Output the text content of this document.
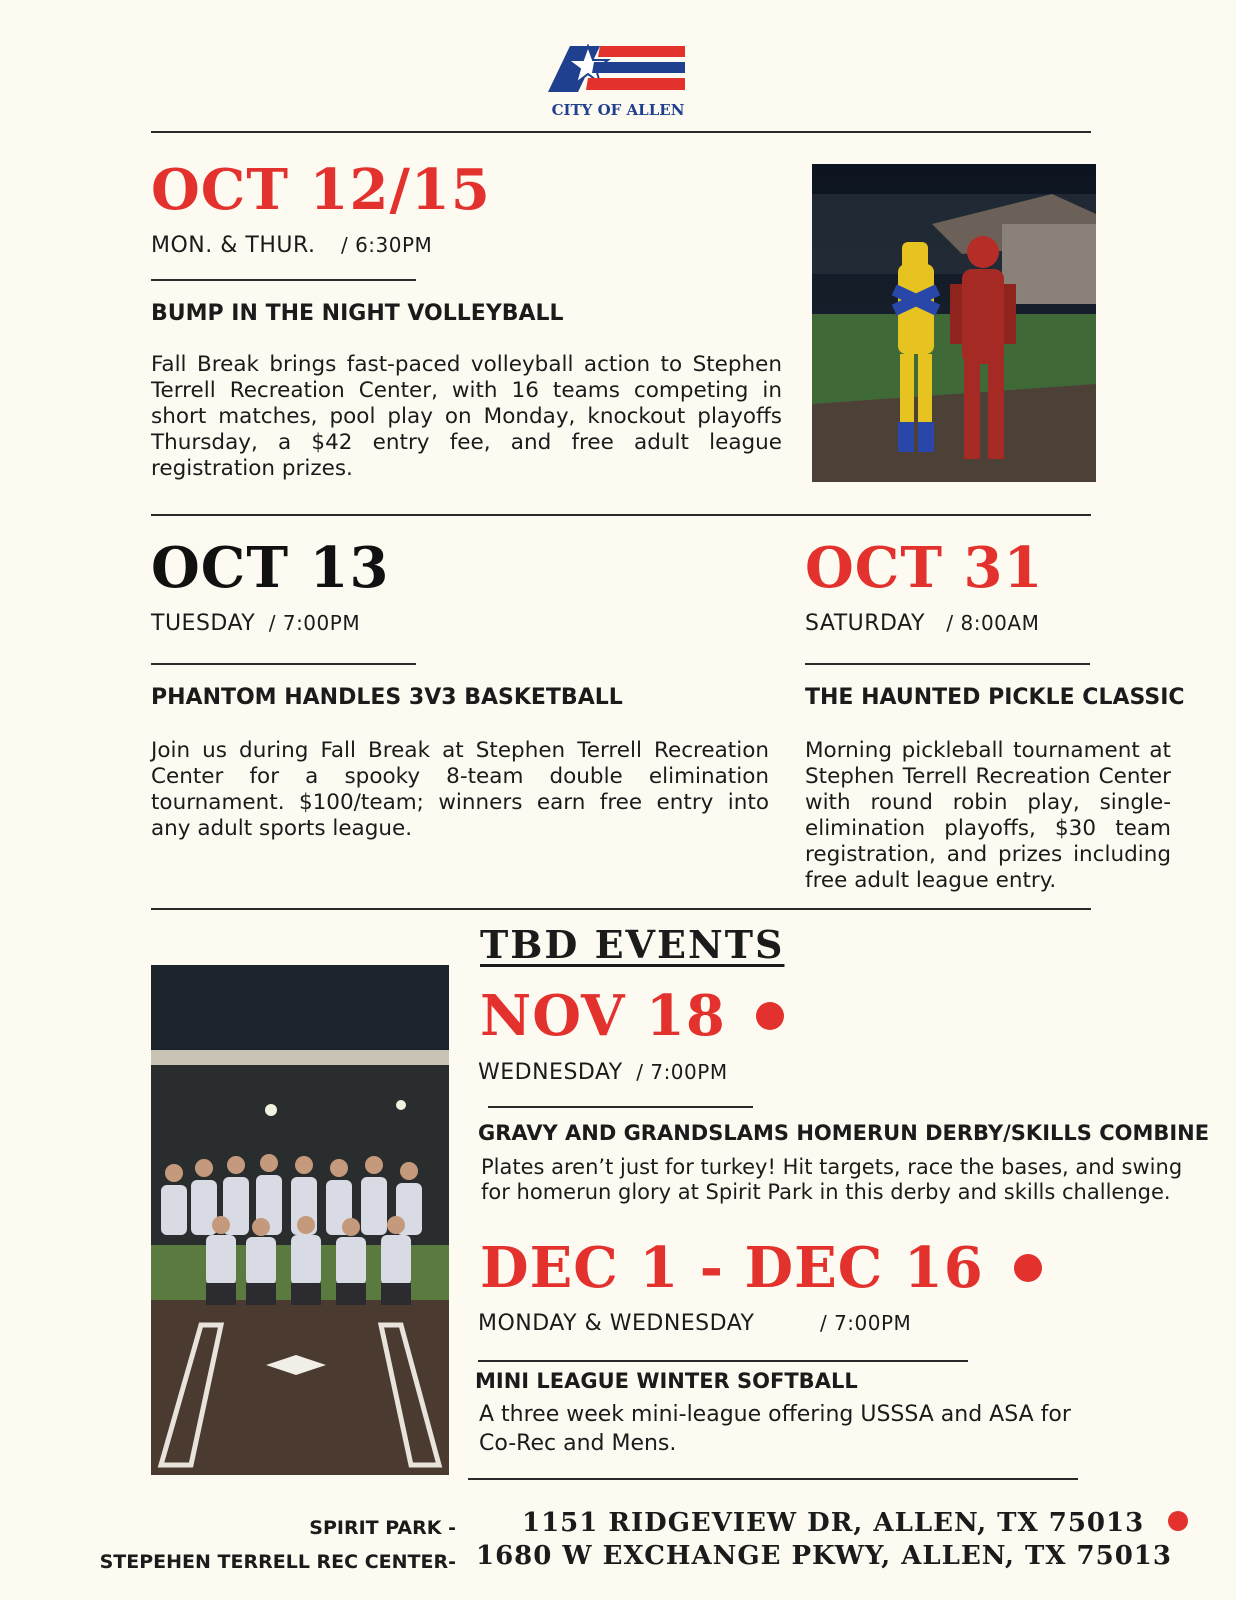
CITY OF ALLEN
OCT 12/15
MON. & THUR. / 6:30PM
BUMP IN THE NIGHT VOLLEYBALL
Fall Break brings fast-paced volleyball action to Stephen Terrell Recreation Center, with 16 teams competing in short matches, pool play on Monday, knockout playoffs Thursday, a $42 entry fee, and free adult league registration prizes.
OCT 13
TUESDAY / 7:00PM
PHANTOM HANDLES 3V3 BASKETBALL
Join us during Fall Break at Stephen Terrell Recreation Center for a spooky 8-team double elimination tournament. $100/team; winners earn free entry into any adult sports league.
OCT 31
SATURDAY / 8:00AM
THE HAUNTED PICKLE CLASSIC
Morning pickleball tournament at Stephen Terrell Recreation Center with round robin play, single-elimination playoffs, $30 team registration, and prizes including free adult league entry.
TBD EVENTS
NOV 18
WEDNESDAY / 7:00PM
GRAVY AND GRANDSLAMS HOMERUN DERBY/SKILLS COMBINE
Plates aren’t just for turkey! Hit targets, race the bases, and swing for homerun glory at Spirit Park in this derby and skills challenge.
DEC 1 - DEC 16
MONDAY & WEDNESDAY	/ 7:00PM
MINI LEAGUE WINTER SOFTBALL
A three week mini-league offering USSSA and ASA for Co-Rec and Mens.
SPIRIT PARK -	1151 RIDGEVIEW DR, ALLEN, TX 75013
STEPEHEN TERRELL REC CENTER- 1680 W EXCHANGE PKWY, ALLEN, TX 75013
